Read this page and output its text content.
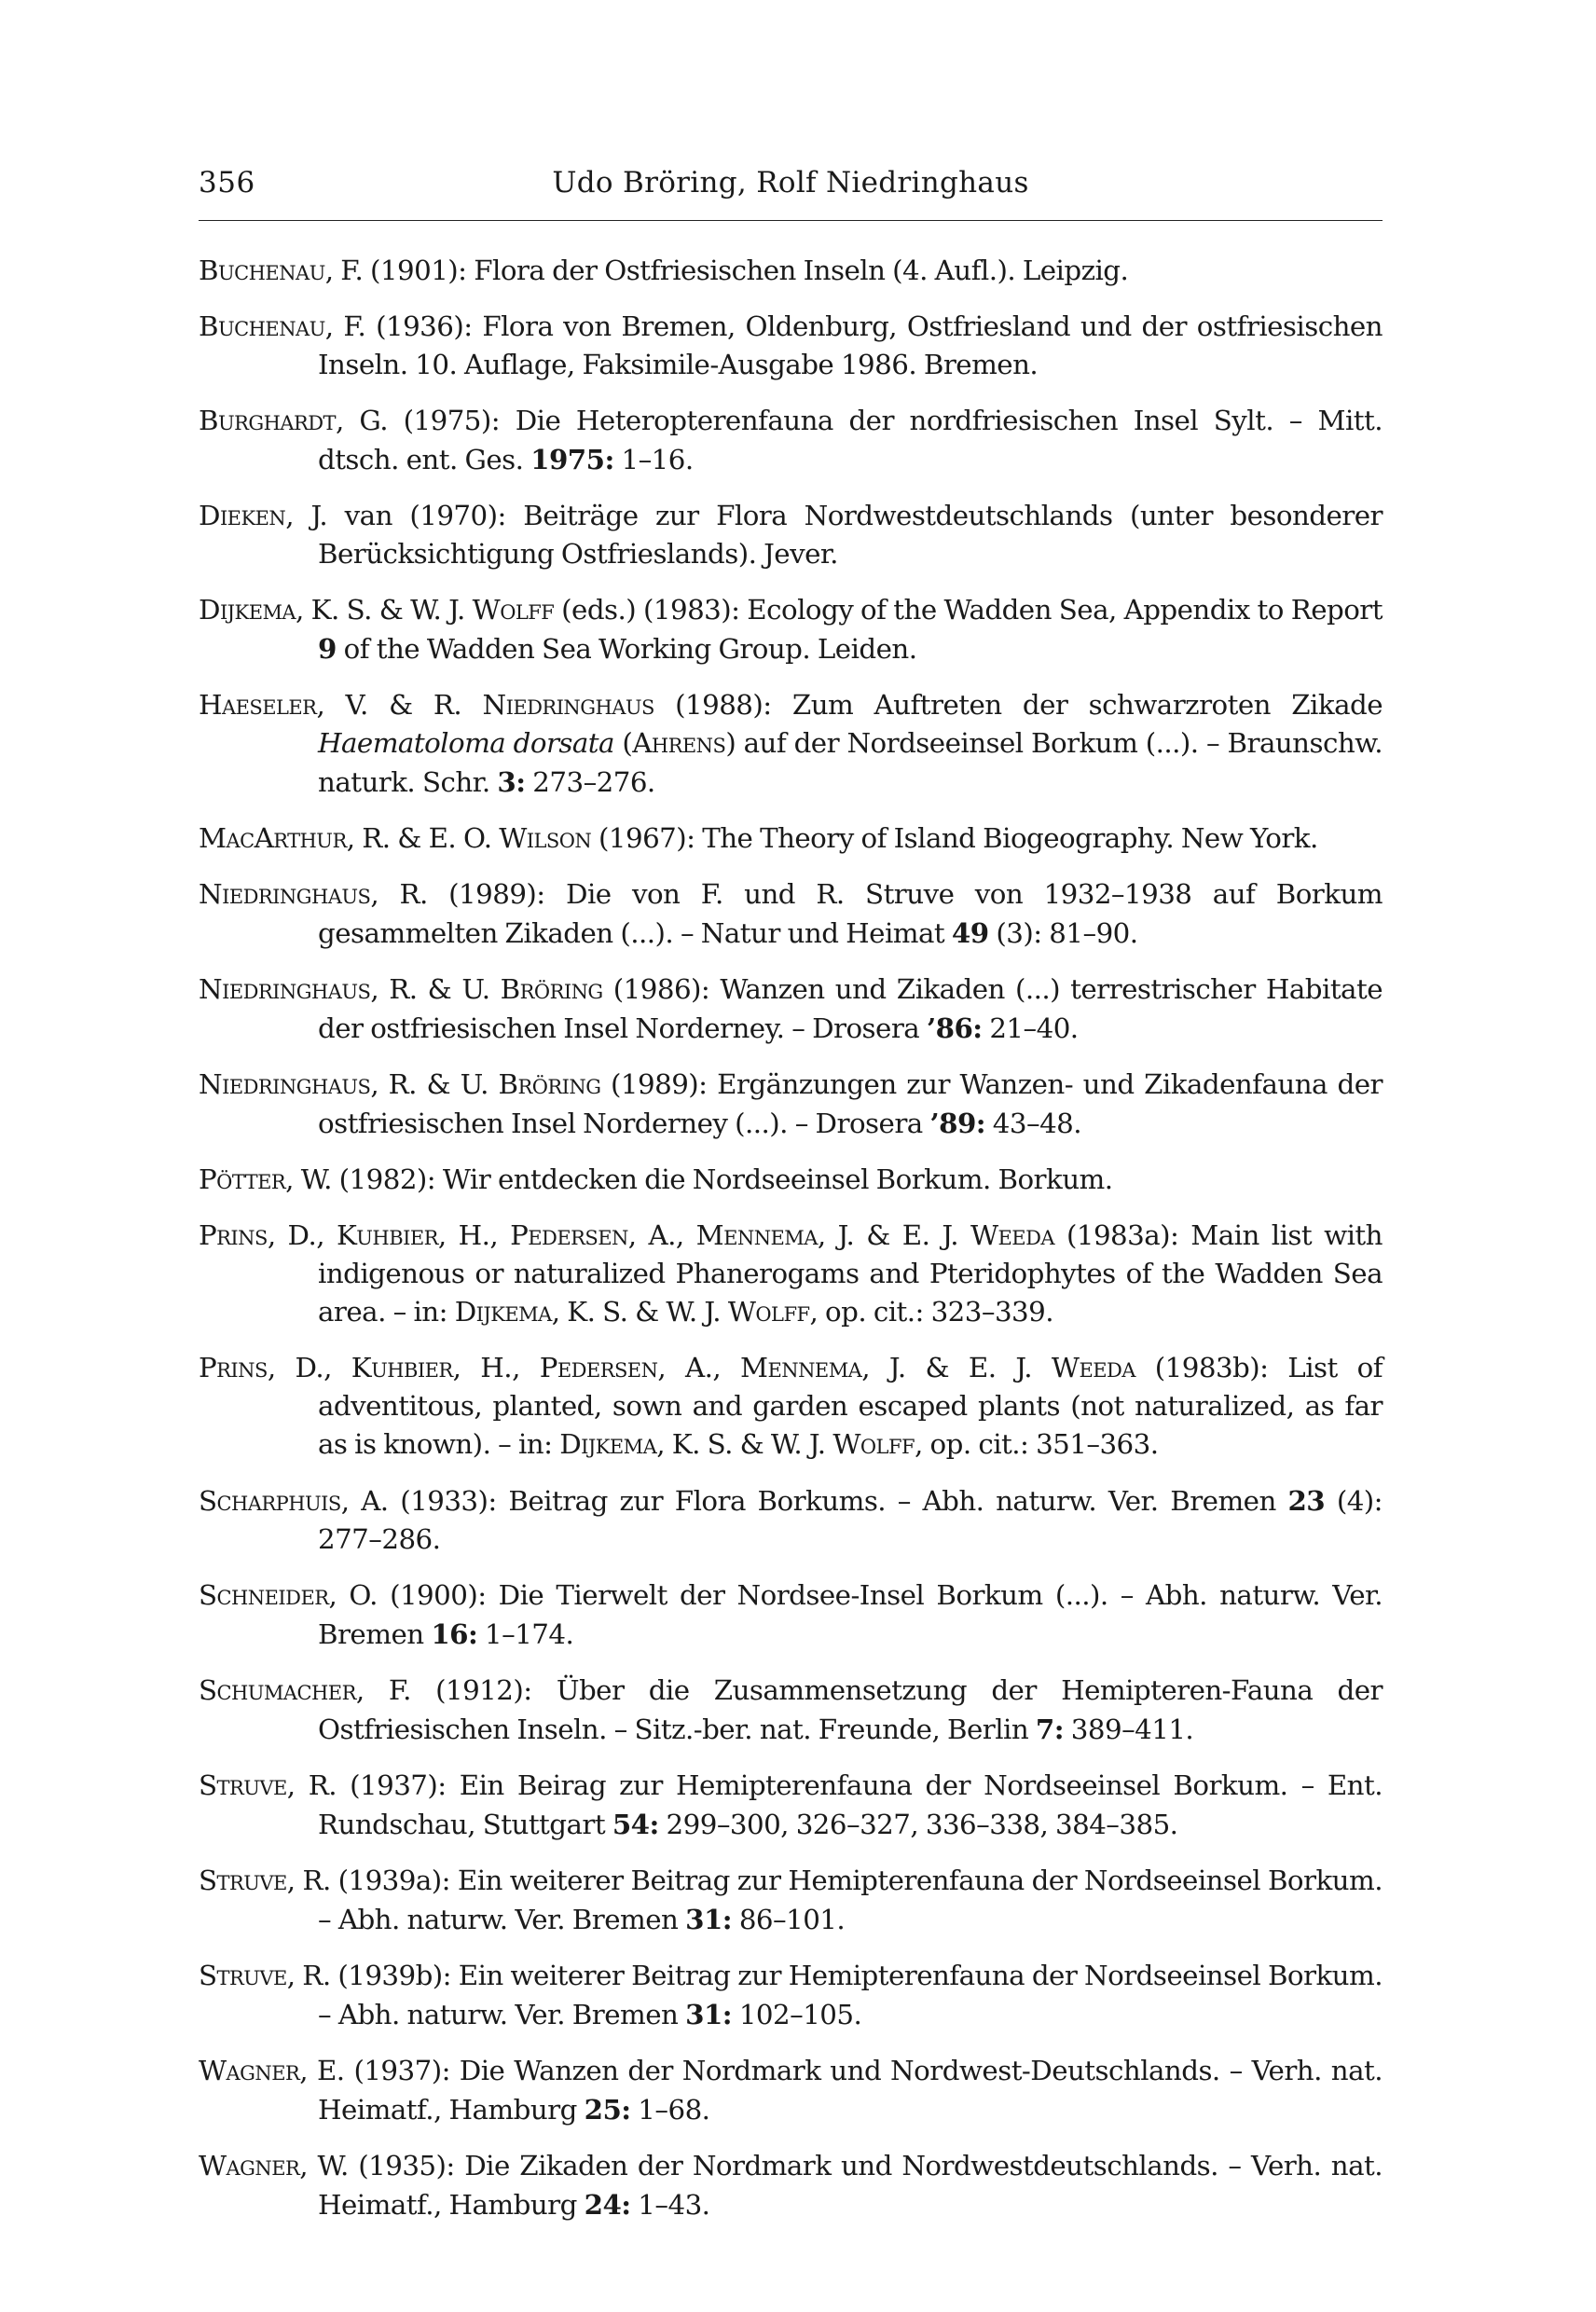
356	Udo Bröring, Rolf Niedringhaus
Buchenau, F. (1901): Flora der Ostfriesischen Inseln (4. Aufl.). Leipzig.
Buchenau, F. (1936): Flora von Bremen, Oldenburg, Ostfriesland und der ostfriesischen Inseln. 10. Auflage, Faksimile-Ausgabe 1986. Bremen.
Burghardt, G. (1975): Die Heteropterenfauna der nordfriesischen Insel Sylt. – Mitt. dtsch. ent. Ges. 1975: 1–16.
Dieken, J. van (1970): Beiträge zur Flora Nordwestdeutschlands (unter besonderer Berücksichtigung Ostfrieslands). Jever.
Dijkema, K. S. & W. J. Wolff (eds.) (1983): Ecology of the Wadden Sea, Appendix to Report 9 of the Wadden Sea Working Group. Leiden.
Haeseler, V. & R. Niedringhaus (1988): Zum Auftreten der schwarzroten Zikade Haematoloma dorsata (Ahrens) auf der Nordseeinsel Borkum (...). – Braunschw. naturk. Schr. 3: 273–276.
MacArthur, R. & E. O. Wilson (1967): The Theory of Island Biogeography. New York.
Niedringhaus, R. (1989): Die von F. und R. Struve von 1932–1938 auf Borkum gesammelten Zikaden (...). – Natur und Heimat 49 (3): 81–90.
Niedringhaus, R. & U. Bröring (1986): Wanzen und Zikaden (...) terrestrischer Habitate der ostfriesischen Insel Norderney. – Drosera ’86: 21–40.
Niedringhaus, R. & U. Bröring (1989): Ergänzungen zur Wanzen- und Zikadenfauna der ostfriesischen Insel Norderney (...). – Drosera ’89: 43–48.
Pötter, W. (1982): Wir entdecken die Nordseeinsel Borkum. Borkum.
Prins, D., Kuhbier, H., Pedersen, A., Mennema, J. & E. J. Weeda (1983a): Main list with indigenous or naturalized Phanerogams and Pteridophytes of the Wadden Sea area. – in: Dijkema, K. S. & W. J. Wolff, op. cit.: 323–339.
Prins, D., Kuhbier, H., Pedersen, A., Mennema, J. & E. J. Weeda (1983b): List of adventitous, planted, sown and garden escaped plants (not naturalized, as far as is known). – in: Dijkema, K. S. & W. J. Wolff, op. cit.: 351–363.
Scharphuis, A. (1933): Beitrag zur Flora Borkums. – Abh. naturw. Ver. Bremen 23 (4): 277–286.
Schneider, O. (1900): Die Tierwelt der Nordsee-Insel Borkum (...). – Abh. naturw. Ver. Bremen 16: 1–174.
Schumacher, F. (1912): Über die Zusammensetzung der Hemipteren-Fauna der Ostfriesischen Inseln. – Sitz.-ber. nat. Freunde, Berlin 7: 389–411.
Struve, R. (1937): Ein Beirag zur Hemipterenfauna der Nordseeinsel Borkum. – Ent. Rundschau, Stuttgart 54: 299–300, 326–327, 336–338, 384–385.
Struve, R. (1939a): Ein weiterer Beitrag zur Hemipterenfauna der Nordseeinsel Borkum. – Abh. naturw. Ver. Bremen 31: 86–101.
Struve, R. (1939b): Ein weiterer Beitrag zur Hemipterenfauna der Nordseeinsel Borkum. – Abh. naturw. Ver. Bremen 31: 102–105.
Wagner, E. (1937): Die Wanzen der Nordmark und Nordwest-Deutschlands. – Verh. nat. Heimatf., Hamburg 25: 1–68.
Wagner, W. (1935): Die Zikaden der Nordmark und Nordwestdeutschlands. – Verh. nat. Heimatf., Hamburg 24: 1–43.
